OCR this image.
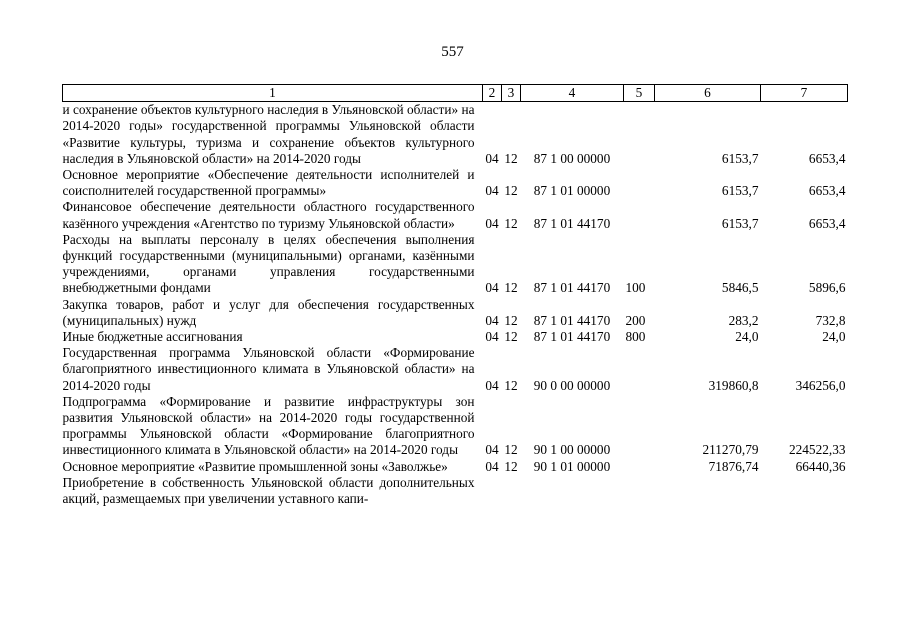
557
1	2	3	4	5	6	7
и сохранение объектов культурного наследия в Ульяновской области» на 2014-2020 годы» государственной программы Ульяновской области «Развитие культуры, туризма и сохранение объектов культурного наследия в Ульяновской области» на 2014-2020 годы	04	12	87 1 00 00000		6153,7	6653,4
Основное мероприятие «Обеспечение деятельности исполнителей и соисполнителей государственной программы»	04	12	87 1 01 00000		6153,7	6653,4
Финансовое обеспечение деятельности областного государственного казённого учреждения «Агентство по туризму Ульяновской области»	04	12	87 1 01 44170		6153,7	6653,4
Расходы на выплаты персоналу в целях обеспечения выполнения функций государственными (муниципальными) органами, казёнными учреждениями, органами управления государственными внебюджетными фондами	04	12	87 1 01 44170	100	5846,5	5896,6
Закупка товаров, работ и услуг для обеспечения государственных (муниципальных) нужд	04	12	87 1 01 44170	200	283,2	732,8
Иные бюджетные ассигнования	04	12	87 1 01 44170	800	24,0	24,0
Государственная программа Ульяновской области «Формирование благоприятного инвестиционного климата в Ульяновской области» на 2014-2020 годы	04	12	90 0 00 00000		319860,8	346256,0
Подпрограмма «Формирование и развитие инфраструктуры зон развития Ульяновской области» на 2014-2020 годы государственной программы Ульяновской области «Формирование благоприятного инвестиционного климата в Ульяновской области» на 2014-2020 годы	04	12	90 1 00 00000		211270,79	224522,33
Основное мероприятие «Развитие промышленной зоны «Заволжье»	04	12	90 1 01 00000		71876,74	66440,36
Приобретение в собственность Ульяновской области дополнительных акций, размещаемых при увеличении уставного капи-						
